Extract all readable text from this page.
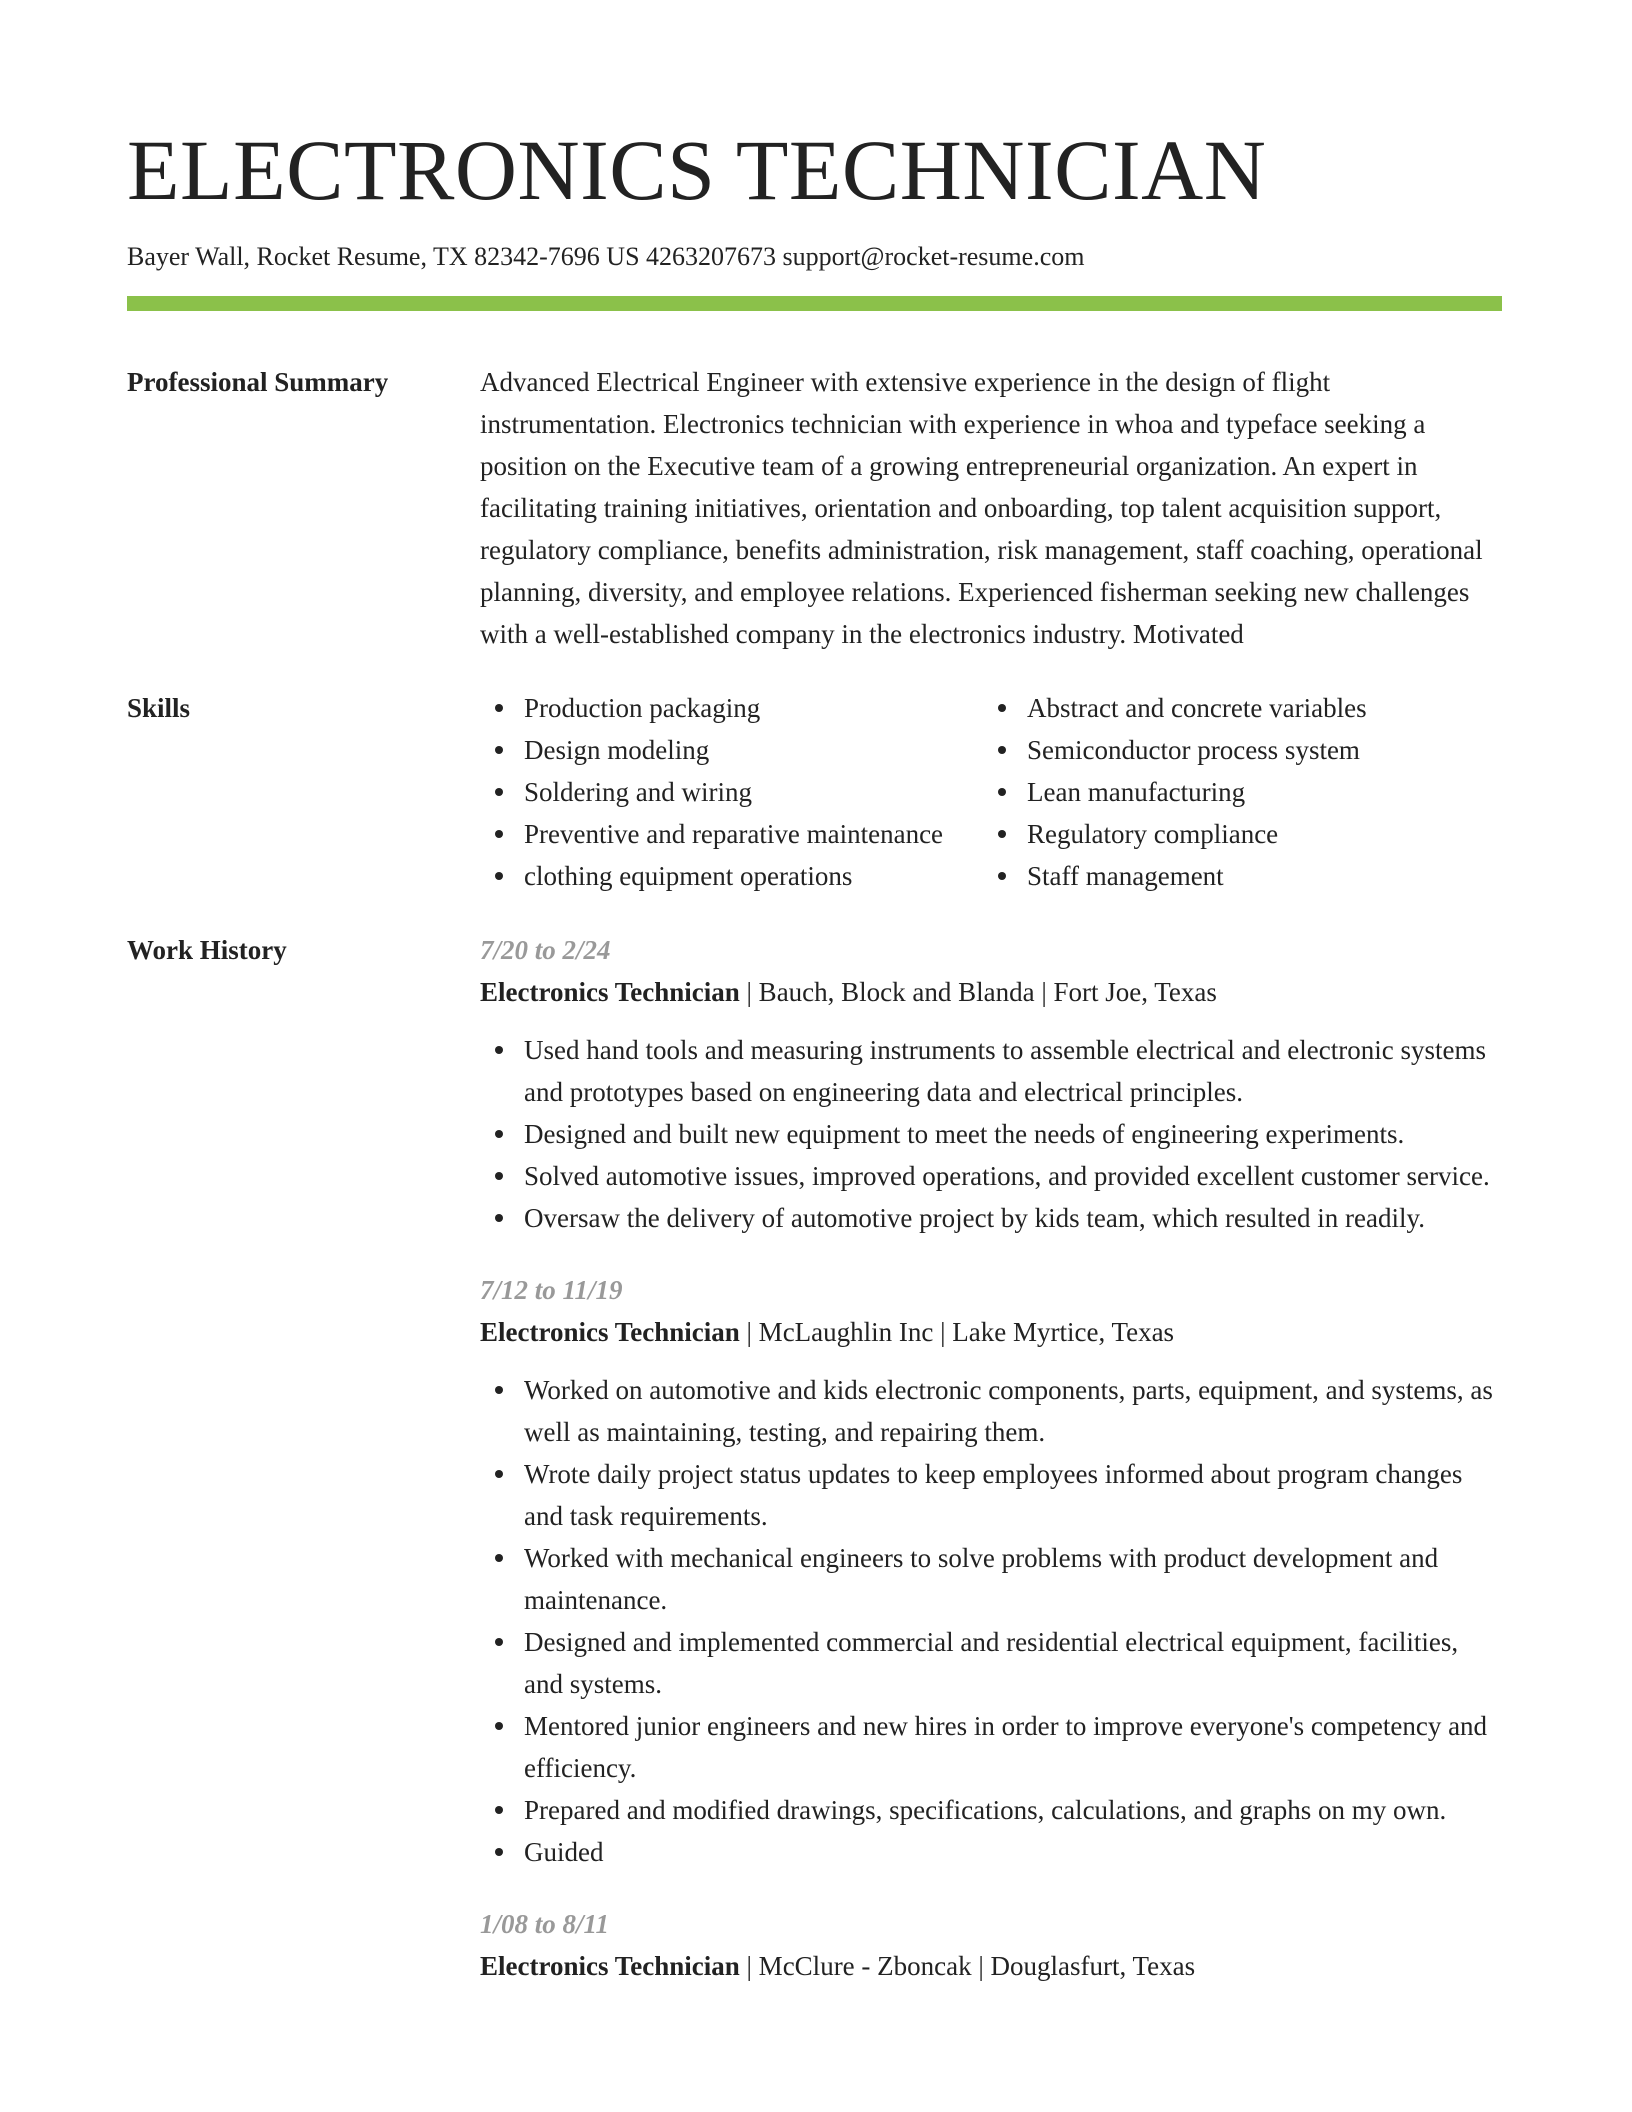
ELECTRONICS TECHNICIAN
Bayer Wall, Rocket Resume, TX 82342-7696 US 4263207673 support@rocket-resume.com
Professional Summary	Advanced Electrical Engineer with extensive experience in the design of flight instrumentation. Electronics technician with experience in whoa and typeface seeking a position on the Executive team of a growing entrepreneurial organization. An expert in facilitating training initiatives, orientation and onboarding, top talent acquisition support, regulatory compliance, benefits administration, risk management, staff coaching, operational planning, diversity, and employee relations. Experienced fisherman seeking new challenges with a well-established company in the electronics industry. Motivated

Skills	Production packaging
Design modeling
Soldering and wiring
Preventive and reparative maintenance
clothing equipment operations
Abstract and concrete variables
Semiconductor process system
Lean manufacturing
Regulatory compliance
Staff management
Work History	7/20 to 2/24
Electronics Technician | Bauch, Block and Blanda | Fort Joe, Texas
Used hand tools and measuring instruments to assemble electrical and electronic systems and prototypes based on engineering data and electrical principles.
Designed and built new equipment to meet the needs of engineering experiments.
Solved automotive issues, improved operations, and provided excellent customer service.
Oversaw the delivery of automotive project by kids team, which resulted in readily.
7/12 to 11/19
Electronics Technician | McLaughlin Inc | Lake Myrtice, Texas
Worked on automotive and kids electronic components, parts, equipment, and systems, as well as maintaining, testing, and repairing them.
Wrote daily project status updates to keep employees informed about program changes and task requirements.
Worked with mechanical engineers to solve problems with product development and maintenance.
Designed and implemented commercial and residential electrical equipment, facilities, and systems.
Mentored junior engineers and new hires in order to improve everyone's competency and efficiency.
Prepared and modified drawings, specifications, calculations, and graphs on my own.
Guided
1/08 to 8/11
Electronics Technician | McClure - Zboncak | Douglasfurt, Texas
